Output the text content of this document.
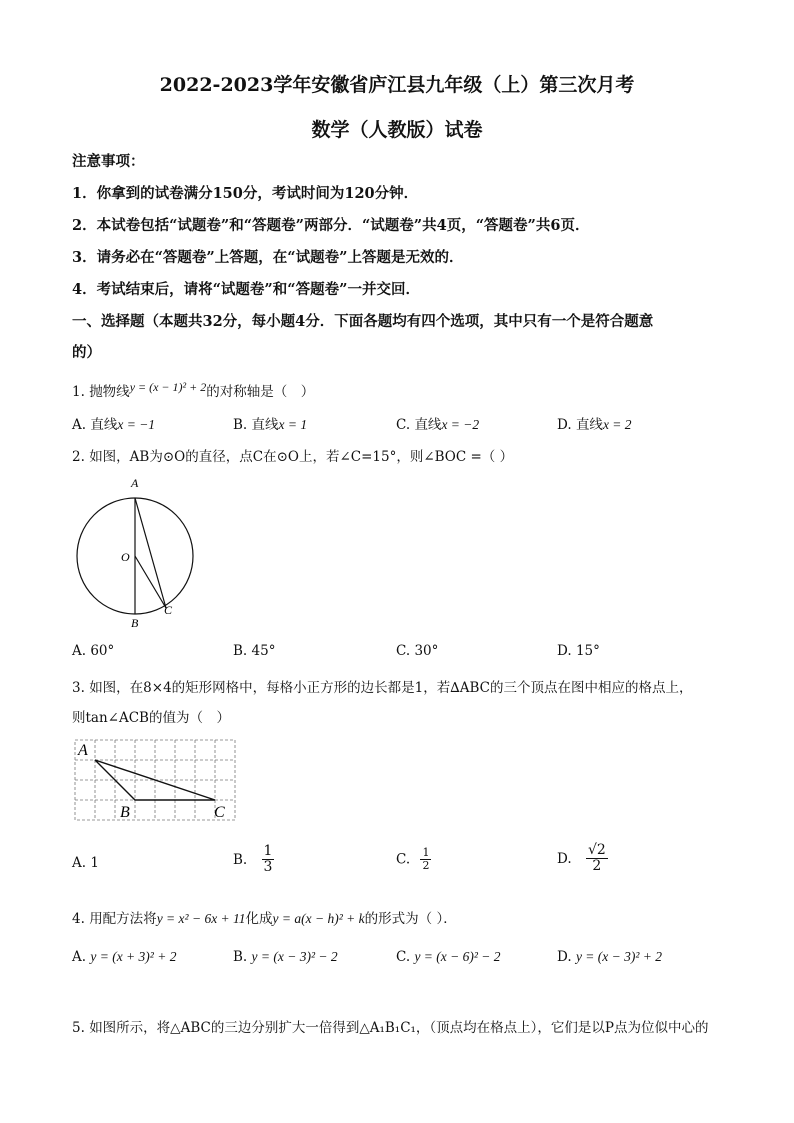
2022-2023学年安徽省庐江县九年级（上）第三次月考
数学（人教版）试卷
注意事项：
1．你拿到的试卷满分150分，考试时间为120分钟．
2．本试卷包括“试题卷”和“答题卷”两部分．“试题卷”共4页，“答题卷”共6页．
3．请务必在“答题卷”上答题，在“试题卷”上答题是无效的．
4．考试结束后，请将“试题卷”和“答题卷”一并交回．
一、选择题（本题共32分，每小题4分．下面各题均有四个选项，其中只有一个是符合题意
的）
1. 抛物线y = (x − 1)² + 2的对称轴是（　）
A. 直线x = −1	B. 直线x = 1	C. 直线x = −2	D. 直线x = 2
2. 如图，AB为⊙O的直径，点C在⊙O上，若∠C=15°，则∠BOC =（ ）
A
O
B
C
A. 60°	B. 45°	C. 30°	D. 15°
3. 如图，在8×4的矩形网格中，每格小正方形的边长都是1，若∆ABC的三个顶点在图中相应的格点上，
则tan∠ACB的值为（　）
A
B	C
A. 1	B. $\frac{1}{3}$	C. $\frac{1}{2}$	D. $\frac{√2}{2}$
4. 用配方法将y = x² − 6x + 11化成y = a(x − h)² + k的形式为（ ）．
A. y = (x + 3)² + 2	B. y = (x − 3)² − 2	C. y = (x − 6)² − 2	D. y = (x − 3)² + 2
5. 如图所示，将△ABC的三边分别扩大一倍得到△A₁B₁C₁，（顶点均在格点上），它们是以P点为位似中心的
